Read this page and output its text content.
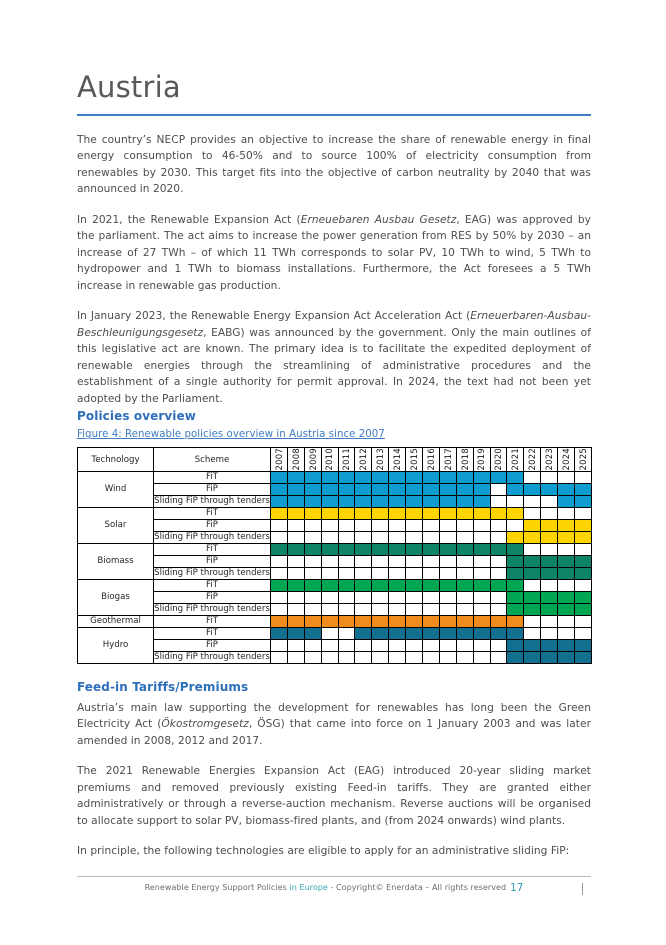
Austria

The country’s NECP provides an objective to increase the share of renewable energy in final energy consumption to 46-50% and to source 100% of electricity consumption from renewables by 2030. This target fits into the objective of carbon neutrality by 2040 that was announced in 2020.

In 2021, the Renewable Expansion Act (Erneuebaren Ausbau Gesetz, EAG) was approved by the parliament. The act aims to increase the power generation from RES by 50% by 2030 – an increase of 27 TWh – of which 11 TWh corresponds to solar PV, 10 TWh to wind, 5 TWh to hydropower and 1 TWh to biomass installations. Furthermore, the Act foresees a 5 TWh increase in renewable gas production.

In January 2023, the Renewable Energy Expansion Act Acceleration Act (Erneuerbaren-Ausbau-Beschleunigungsgesetz, EABG) was announced by the government. Only the main outlines of this legislative act are known. The primary idea is to facilitate the expedited deployment of renewable energies through the streamlining of administrative procedures and the establishment of a single authority for permit approval. In 2024, the text had not been yet adopted by the Parliament.

Policies overview
Figure 4: Renewable policies overview in Austria since 2007
Technology	Scheme	2007	2008	2009	2010	2011	2012	2013	2014	2015	2016	2017	2018	2019	2020	2021	2022	2023	2024	2025

Wind	FiT																			
	FiP																			
	Sliding FiP through tenders																			
Solar	FiT																			
	FiP																			
	Sliding FiP through tenders																			
Biomass	FiT																			
	FiP																			
	Sliding FiP through tenders																			
Biogas	FiT																			
	FiP																			
	Sliding FiP through tenders																			
Geothermal	FiT																			
Hydro	FiT																			
	FiP																			
	Sliding FiP through tenders																			
Feed-in Tariffs/Premiums

Austria’s main law supporting the development for renewables has long been the Green Electricity Act (Ökostromgesetz, ÖSG) that came into force on 1 January 2003 and was later amended in 2008, 2012 and 2017.

The 2021 Renewable Energies Expansion Act (EAG) introduced 20-year sliding market premiums and removed previously existing Feed-in tariffs. They are granted either administratively or through a reverse-auction mechanism. Reverse auctions will be organised to allocate support to solar PV, biomass-fired plants, and (from 2024 onwards) wind plants.

In principle, the following technologies are eligible to apply for an administrative sliding FiP:

Renewable Energy Support Policies in Europe - Copyright© Enerdata – All rights reserved 17
